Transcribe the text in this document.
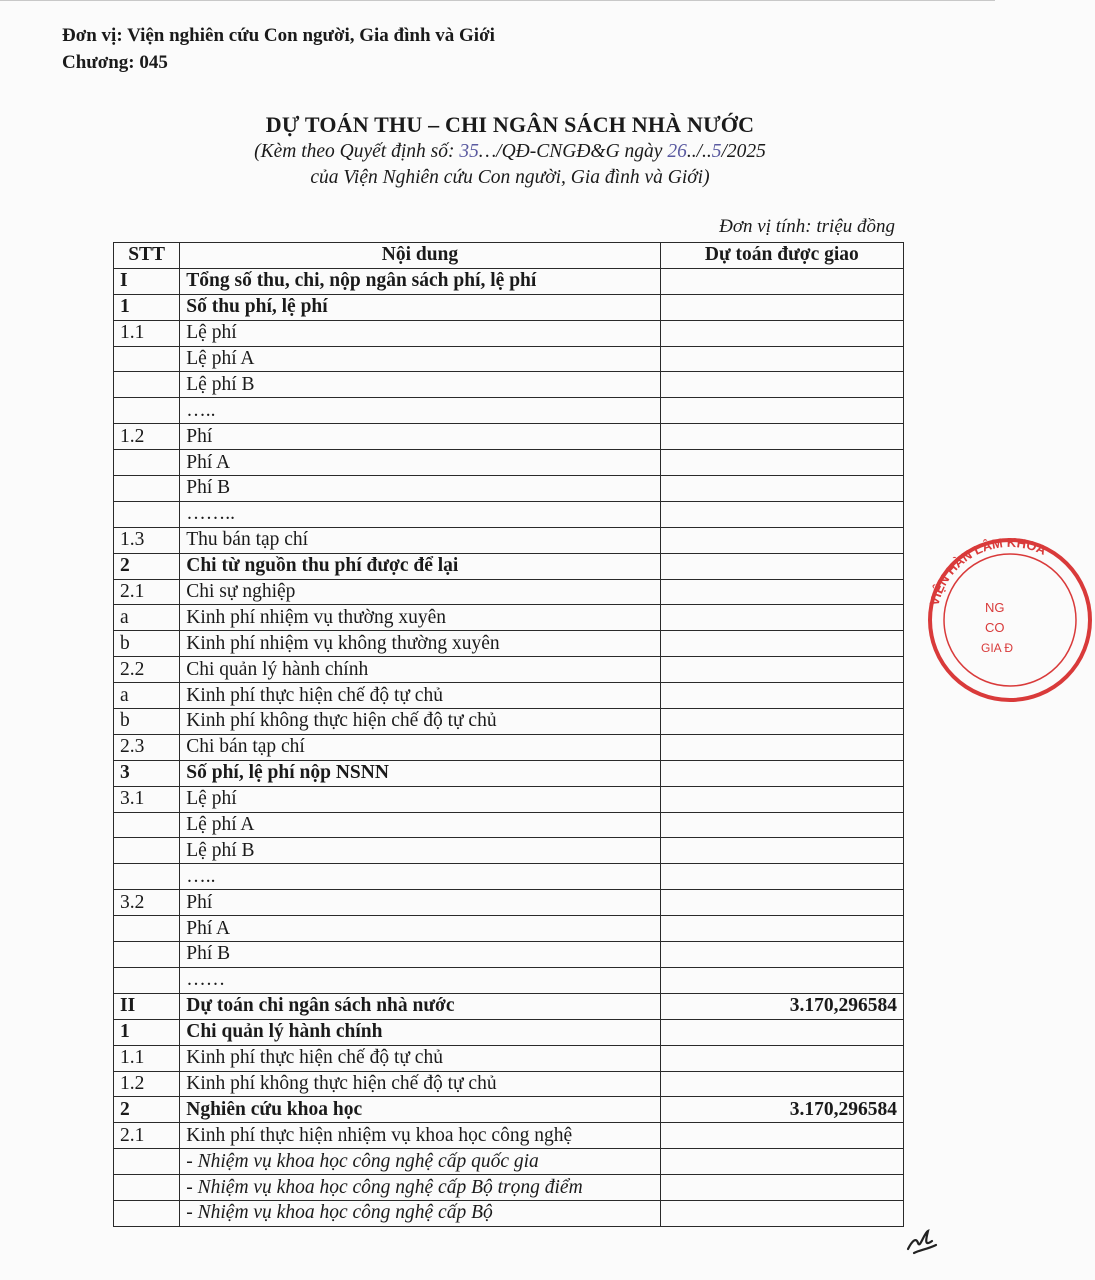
Đơn vị: Viện nghiên cứu Con người, Gia đình và Giới
Chương: 045
DỰ TOÁN THU – CHI NGÂN SÁCH NHÀ NƯỚC
(Kèm theo Quyết định số: 35…/QĐ-CNGĐ&G ngày 26../..5/2025
của Viện Nghiên cứu Con người, Gia đình và Giới)
Đơn vị tính: triệu đồng
STT	Nội dung	Dự toán được giao
I	Tổng số thu, chi, nộp ngân sách phí, lệ phí	
1	Số thu phí, lệ phí	
1.1	Lệ phí	
	Lệ phí A	
	Lệ phí B	
	…..	
1.2	Phí	
	Phí A	
	Phí B	
	……..	
1.3	Thu bán tạp chí	
2	Chi từ nguồn thu phí được để lại	
2.1	Chi sự nghiệp	
a	Kinh phí nhiệm vụ thường xuyên	
b	Kinh phí nhiệm vụ không thường xuyên	
2.2	Chi quản lý hành chính	
a	Kinh phí thực hiện chế độ tự chủ	
b	Kinh phí không thực hiện chế độ tự chủ	
2.3	Chi bán tạp chí	
3	Số phí, lệ phí nộp NSNN	
3.1	Lệ phí	
	Lệ phí A	
	Lệ phí B	
	…..	
3.2	Phí	
	Phí A	
	Phí B	
	……	
II	Dự toán chi ngân sách nhà nước	3.170,296584
1	Chi quản lý hành chính	
1.1	Kinh phí thực hiện chế độ tự chủ	
1.2	Kinh phí không thực hiện chế độ tự chủ	
2	Nghiên cứu khoa học	3.170,296584
2.1	Kinh phí thực hiện nhiệm vụ khoa học công nghệ	
	- Nhiệm vụ khoa học công nghệ cấp quốc gia	
	- Nhiệm vụ khoa học công nghệ cấp Bộ trọng điểm	
	- Nhiệm vụ khoa học công nghệ cấp Bộ	
VIỆN HÀN LÂM KHOA
NG
CO
GIA Đ
